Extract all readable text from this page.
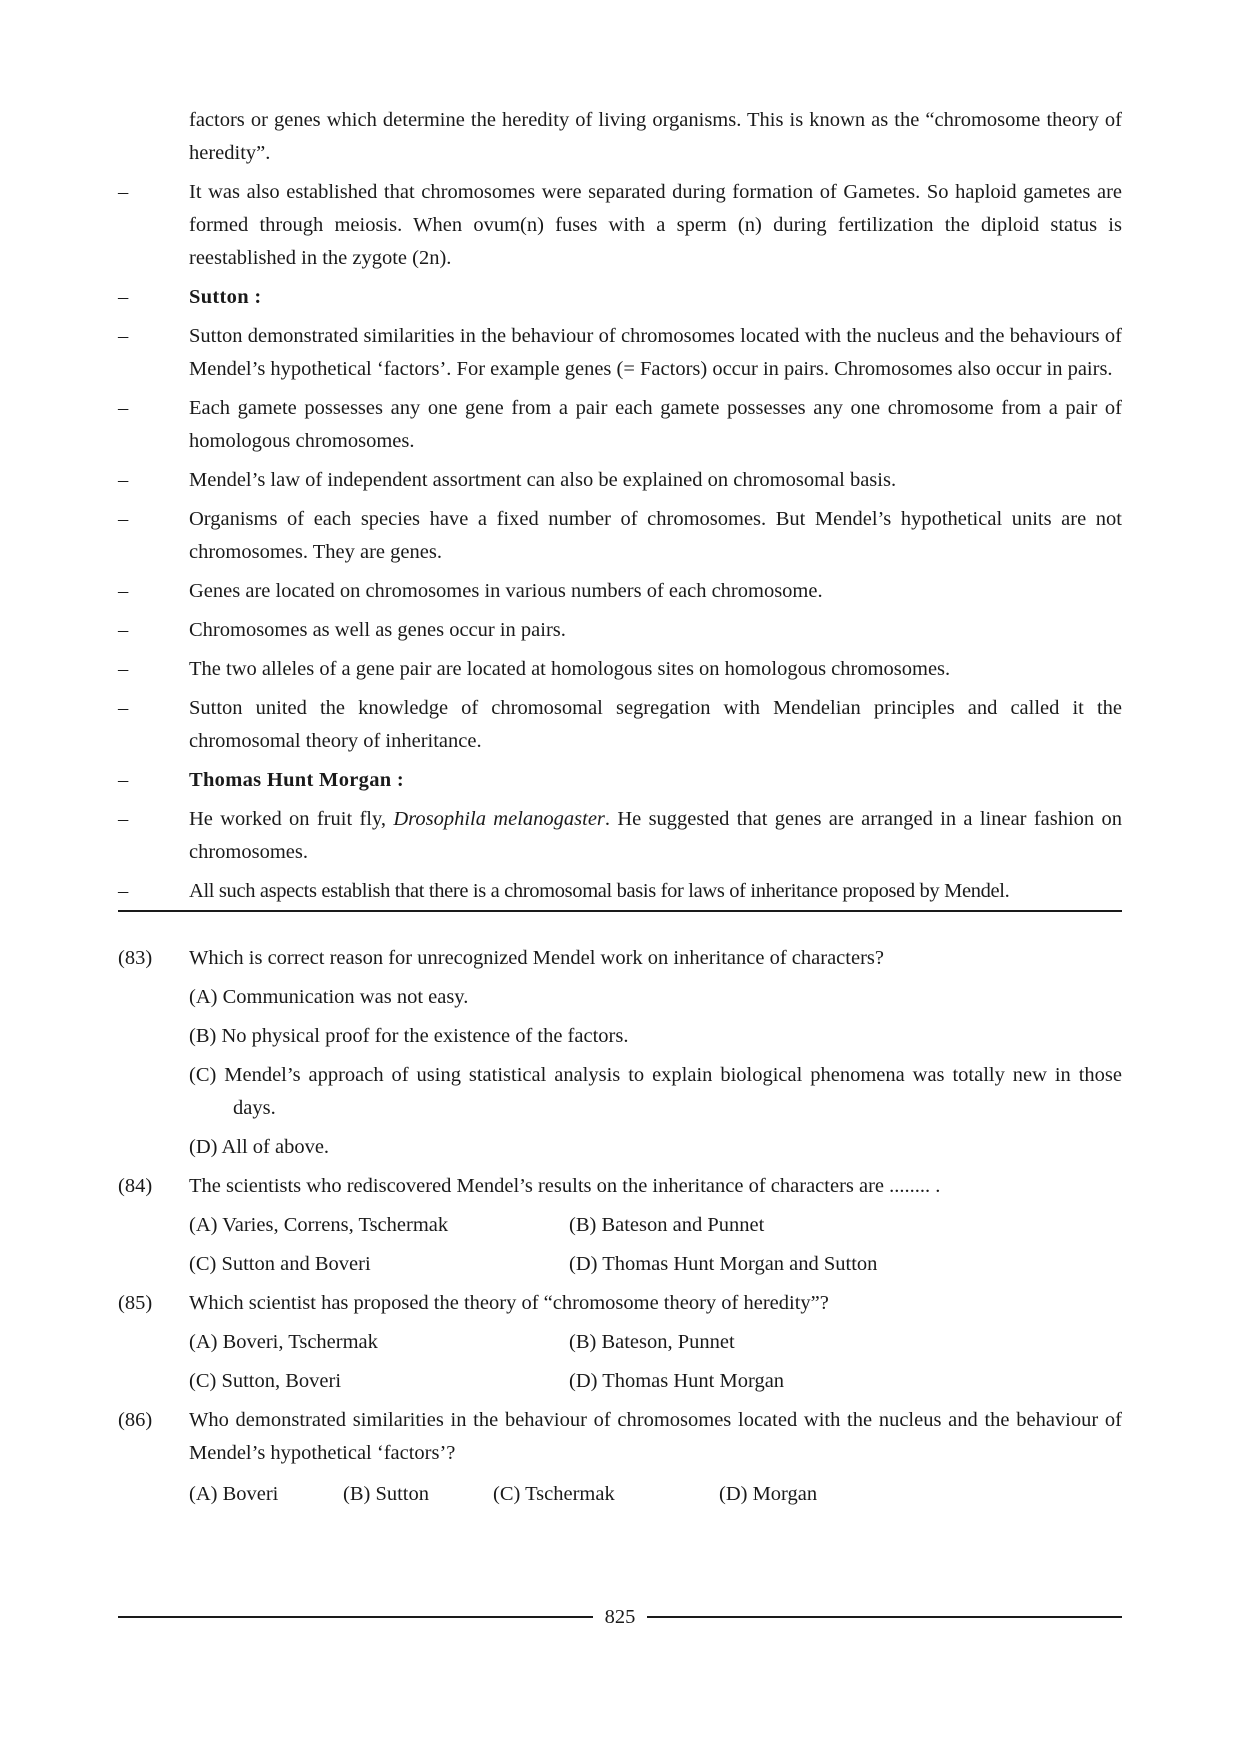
factors or genes which determine the heredity of living organisms. This is known as the “chromosome theory of heredity”.
–	It was also established that chromosomes were separated during formation of Gametes. So haploid gametes are formed through meiosis. When ovum(n) fuses with a sperm (n) during fertilization the diploid status is reestablished in the zygote (2n).
–	Sutton :
–	Sutton demonstrated similarities in the behaviour of chromosomes located with the nucleus and the behaviours of Mendel’s hypothetical ‘factors’. For example genes (= Factors) occur in pairs. Chromosomes also occur in pairs.
–	Each gamete possesses any one gene from a pair each gamete possesses any one chromosome from a pair of homologous chromosomes.
–	Mendel’s law of independent assortment can also be explained on chromosomal basis.
–	Organisms of each species have a fixed number of chromosomes. But Mendel’s hypothetical units are not chromosomes. They are genes.
–	Genes are located on chromosomes in various numbers of each chromosome.
–	Chromosomes as well as genes occur in pairs.
–	The two alleles of a gene pair are located at homologous sites on homologous chromosomes.
–	Sutton united the knowledge of chromosomal segregation with Mendelian principles and called it the chromosomal theory of inheritance.
–	Thomas Hunt Morgan :
–	He worked on fruit fly, Drosophila melanogaster. He suggested that genes are arranged in a linear fashion on chromosomes.
–	All such aspects establish that there is a chromosomal basis for laws of inheritance proposed by Mendel.
(83)	Which is correct reason for unrecognized Mendel work on inheritance of characters?
(A) Communication was not easy.
(B) No physical proof for the existence of the factors.
(C) Mendel’s approach of using statistical analysis to explain biological phenomena was totally new in those days.
(D) All of above.
(84)	The scientists who rediscovered Mendel’s results on the inheritance of characters are ........ .
(A) Varies, Correns, Tschermak	(B) Bateson and Punnet
(C) Sutton and Boveri	(D) Thomas Hunt Morgan and Sutton
(85)	Which scientist has proposed the theory of “chromosome theory of heredity”?
(A) Boveri, Tschermak	(B) Bateson, Punnet
(C) Sutton, Boveri	(D) Thomas Hunt Morgan
(86)	Who demonstrated similarities in the behaviour of chromosomes located with the nucleus and the behaviour of Mendel’s hypothetical ‘factors’?
(A) Boveri	(B) Sutton	(C) Tschermak	(D) Morgan
825
